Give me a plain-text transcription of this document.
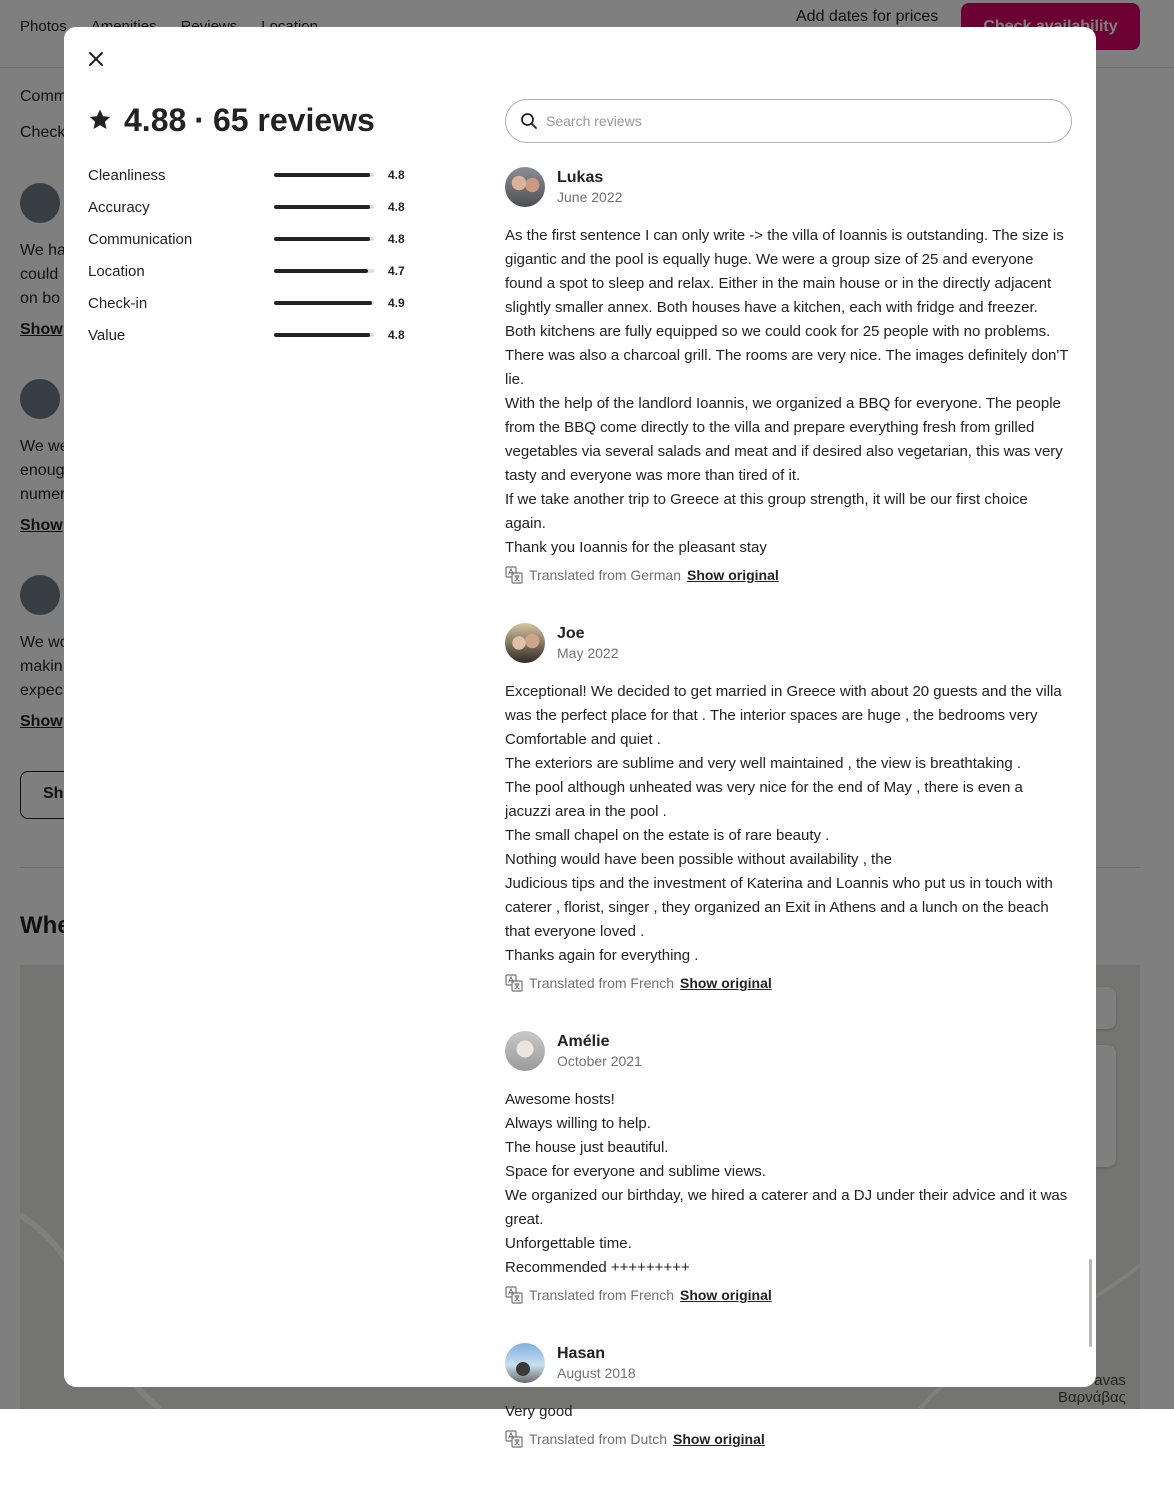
4.88 · 65 reviews
Cleanliness	4.8
Accuracy	4.8
Communication	4.8
Location	4.7
Check-in	4.9
Value	4.8
Search reviews
Lukas
June 2022

As the first sentence I can only write -> the villa of Ioannis is outstanding. The size is gigantic and the pool is equally huge. We were a group size of 25 and everyone found a spot to sleep and relax. Either in the main house or in the directly adjacent slightly smaller annex. Both houses have a kitchen, each with fridge and freezer. Both kitchens are fully equipped so we could cook for 25 people with no problems. There was also a charcoal grill. The rooms are very nice. The images definitely don'T lie.

With the help of the landlord Ioannis, we organized a BBQ for everyone. The people from the BBQ come directly to the villa and prepare everything fresh from grilled vegetables via several salads and meat and if desired also vegetarian, this was very tasty and everyone was more than tired of it.

If we take another trip to Greece at this group strength, it will be our first choice again.

Thank you Ioannis for the pleasant stay

Translated from German Show original
Joe
May 2022

Exceptional! We decided to get married in Greece with about 20 guests and the villa was the perfect place for that . The interior spaces are huge , the bedrooms very Comfortable and quiet .

The exteriors are sublime and very well maintained , the view is breathtaking .

The pool although unheated was very nice for the end of May , there is even a jacuzzi area in the pool .

The small chapel on the estate is of rare beauty .

Nothing would have been possible without availability , the

Judicious tips and the investment of Katerina and Loannis who put us in touch with caterer , florist, singer , they organized an Exit in Athens and a lunch on the beach that everyone loved .

Thanks again for everything .

Translated from French Show original
Amélie
October 2021

Awesome hosts!

Always willing to help.

The house just beautiful.

Space for everyone and sublime views.

We organized our birthday, we hired a caterer and a DJ under their advice and it was great.

Unforgettable time.

Recommended +++++++++

Translated from French Show original
Hasan
August 2018

Very good

Translated from Dutch Show original
